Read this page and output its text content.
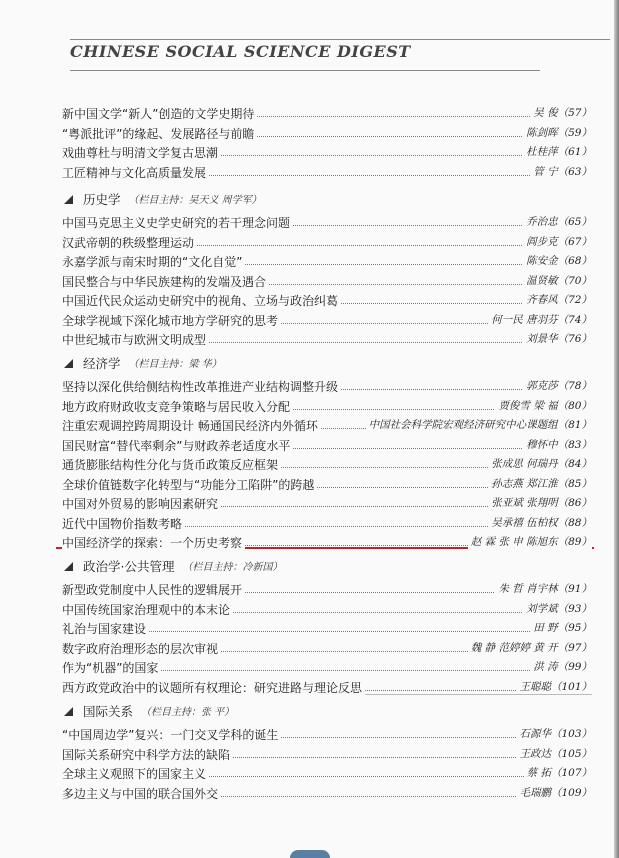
CHINESE SOCIAL SCIENCE DIGEST
新中国文学“新人”创造的文学史期待	吴 俊（57）
“粤派批评”的缘起、发展路径与前瞻	陈剑晖（59）
戏曲尊杜与明清文学复古思潮	杜桂萍（61）
工匠精神与文化高质量发展	管 宁（63）
历史学 （栏目主持：吴天义 周学军）
中国马克思主义史学史研究的若干理念问题	乔治忠（65）
汉武帝朝的秩级整理运动	阎步克（67）
永嘉学派与南宋时期的“文化自觉”	陈安金（68）
国民整合与中华民族建构的发端及遇合	温贤敏（70）
中国近代民众运动史研究中的视角、立场与政治纠葛	齐春风（72）
全球学视域下深化城市地方学研究的思考	何一民 唐羽芬（74）
中世纪城市与欧洲文明成型	刘景华（76）
经济学 （栏目主持：梁 华）
坚持以深化供给侧结构性改革推进产业结构调整升级	郭克莎（78）
地方政府财政收支竞争策略与居民收入分配	贾俊雪 梁 福（80）
注重宏观调控跨周期设计 畅通国民经济内外循环	中国社会科学院宏观经济研究中心课题组（81）
国民财富“替代率剩余”与财政养老适度水平	穆怀中（83）
通货膨胀结构性分化与货币政策反应框架	张成思 何瑞丹（84）
全球价值链数字化转型与“功能分工陷阱”的跨越	孙志燕 郑江淮（85）
中国对外贸易的影响因素研究	张亚斌 张翔明（86）
近代中国物价指数考略	吴承禧 伍柏权（88）
中国经济学的探索：一个历史考察	赵 霖 张 申 陈旭东（89）
政治学·公共管理 （栏目主持：冷新国）
新型政党制度中人民性的逻辑展开	朱 哲 肖宇林（91）
中国传统国家治理观中的本末论	刘学斌（93）
礼治与国家建设	田 野（95）
数字政府治理形态的层次审视	魏 静 范婷婷 黄 开（97）
作为“机器”的国家	洪 涛（99）
西方政党政治中的议题所有权理论：研究进路与理论反思	王聪聪（101）
国际关系 （栏目主持：张 平）
“中国周边学”复兴：一门交叉学科的诞生	石源华（103）
国际关系研究中科学方法的缺陷	王政达（105）
全球主义观照下的国家主义	蔡 拓（107）
多边主义与中国的联合国外交	毛瑞鹏（109）
